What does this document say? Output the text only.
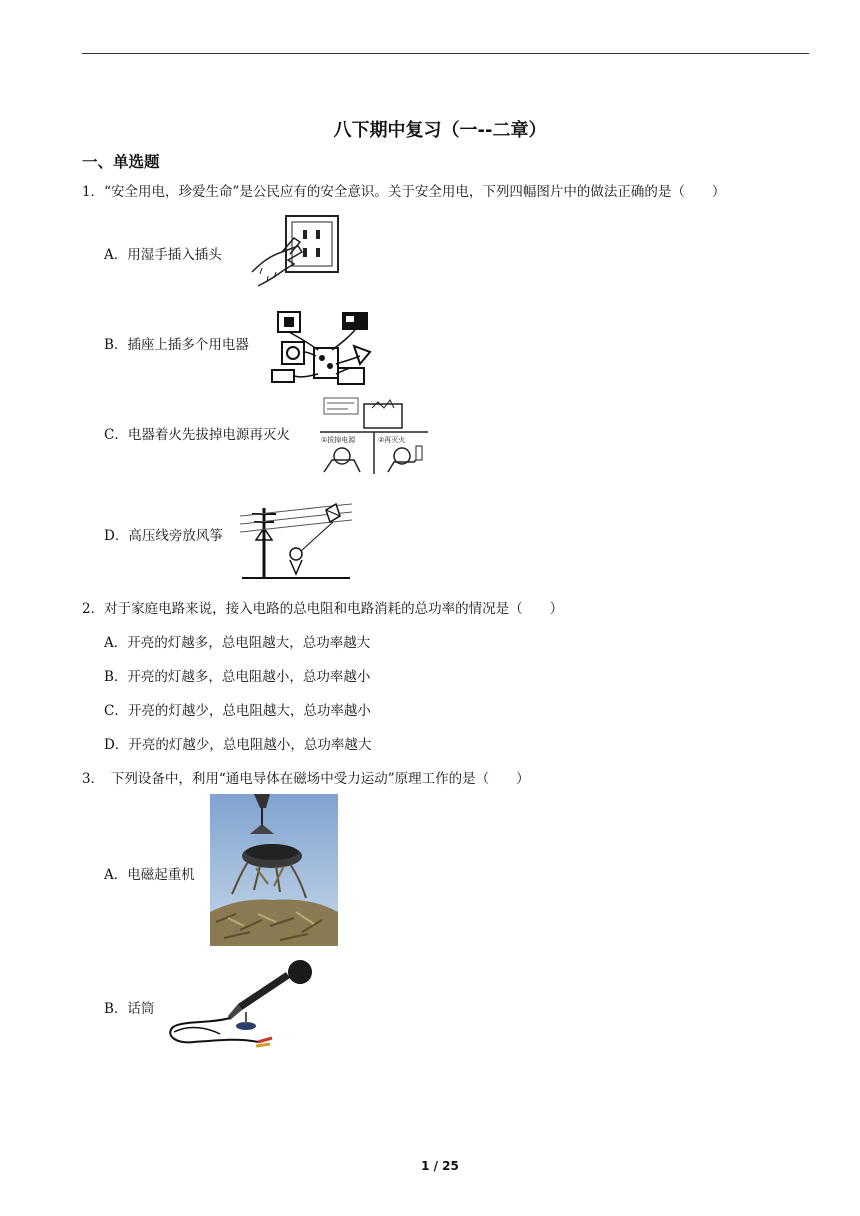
八下期中复习（一--二章）
一、单选题
1．“安全用电，珍爱生命”是公民应有的安全意识。关于安全用电，下列四幅图片中的做法正确的是（　　）
A．用湿手插入插头
B．插座上插多个用电器
C．电器着火先拔掉电源再灭火	①拔掉电源	②再灭火
D．高压线旁放风筝
2．对于家庭电路来说，接入电路的总电阻和电路消耗的总功率的情况是（　　）
A．开亮的灯越多，总电阻越大，总功率越大
B．开亮的灯越多，总电阻越小，总功率越小
C．开亮的灯越少，总电阻越大，总功率越小
D．开亮的灯越少，总电阻越小，总功率越大
3．　下列设备中，利用“通电导体在磁场中受力运动”原理工作的是（　　）
A．电磁起重机
B．话筒
1 / 25
